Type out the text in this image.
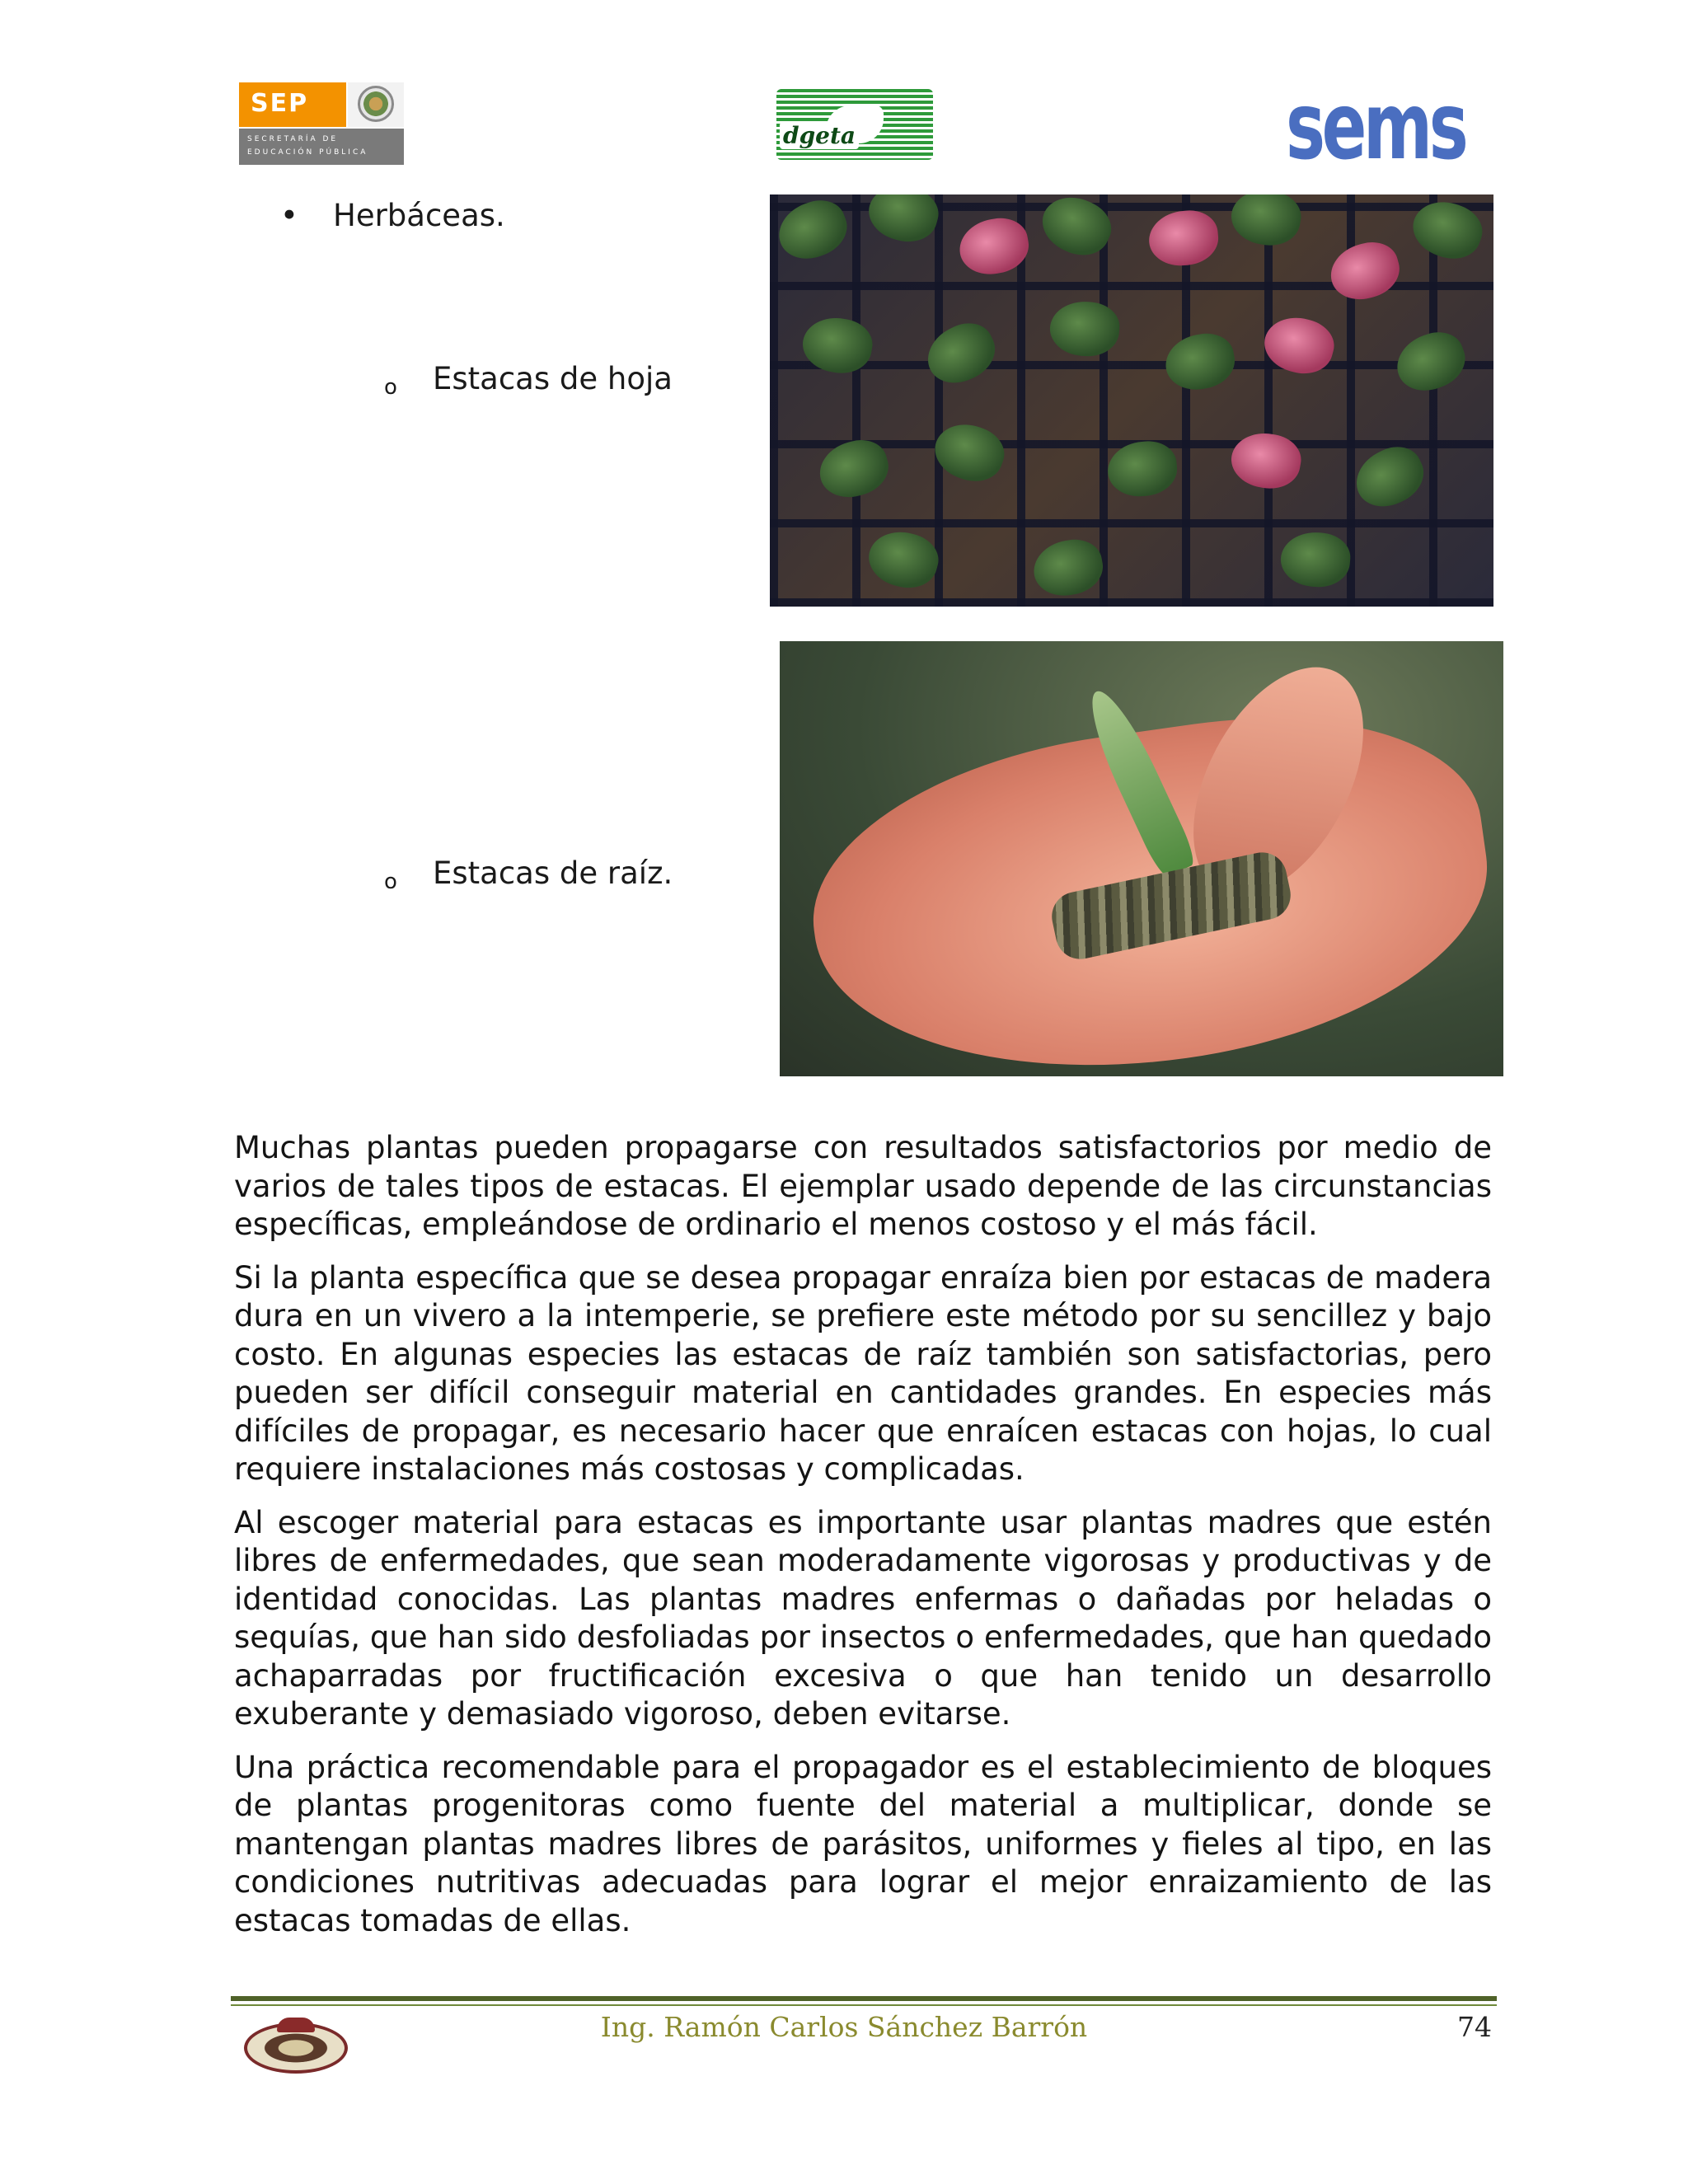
SEP
SECRETARÍA DE
EDUCACIÓN PÚBLICA
dgeta	sems
• Herbáceas.
o Estacas de hoja
o Estacas de raíz.

Muchas plantas pueden propagarse con resultados satisfactorios por medio de varios de tales tipos de estacas. El ejemplar usado depende de las circunstancias específicas, empleándose de ordinario el menos costoso y el más fácil.

Si la planta específica que se desea propagar enraíza bien por estacas de madera dura en un vivero a la intemperie, se prefiere este método por su sencillez y bajo costo. En algunas especies las estacas de raíz también son satisfactorias, pero pueden ser difícil conseguir material en cantidades grandes. En especies más difíciles de propagar, es necesario hacer que enraícen estacas con hojas, lo cual requiere instalaciones más costosas y complicadas.

Al escoger material para estacas es importante usar plantas madres que estén libres de enfermedades, que sean moderadamente vigorosas y productivas y de identidad conocidas. Las plantas madres enfermas o dañadas por heladas o sequías, que han sido desfoliadas por insectos o enfermedades, que han quedado achaparradas por fructificación excesiva o que han tenido un desarrollo exuberante y demasiado vigoroso, deben evitarse.

Una práctica recomendable para el propagador es el establecimiento de bloques de plantas progenitoras como fuente del material a multiplicar, donde se mantengan plantas madres libres de parásitos, uniformes y fieles al tipo, en las condiciones nutritivas adecuadas para lograr el mejor enraizamiento de las estacas tomadas de ellas.

Ing. Ramón Carlos Sánchez Barrón	74
